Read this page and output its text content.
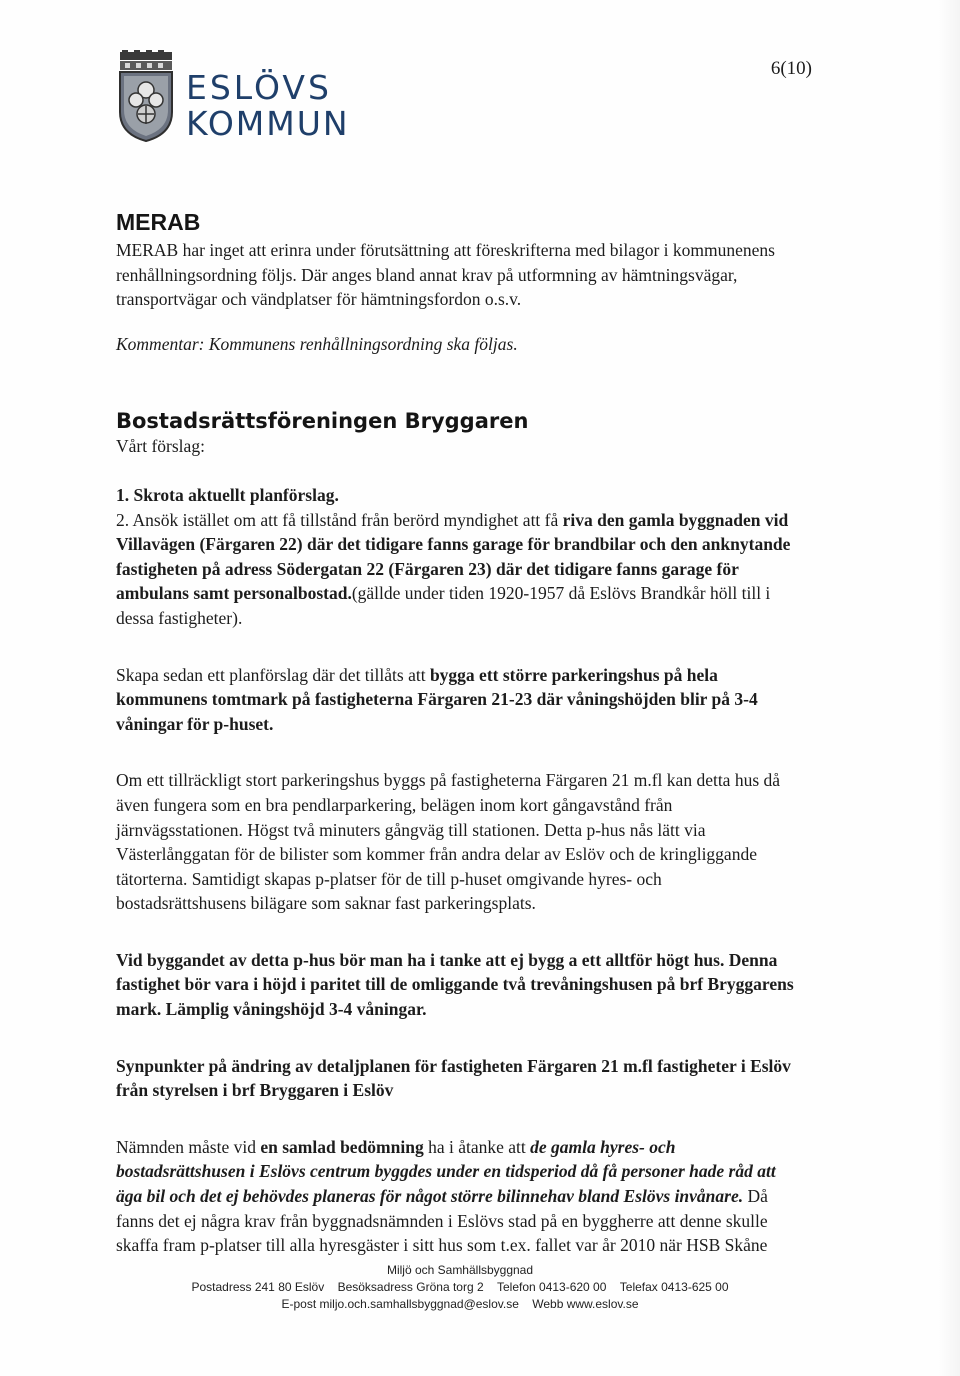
ESLÖVS
KOMMUN
6(10)
MERAB

MERAB har inget att erinra under förutsättning att föreskrifterna med bilagor i kommunenens renhållningsordning följs. Där anges bland annat krav på utformning av hämtningsvägar, transportvägar och vändplatser för hämtningsfordon o.s.v.

Kommentar: Kommunens renhållningsordning ska följas.

Bostadsrättsföreningen Bryggaren

Vårt förslag:

1. Skrota aktuellt planförslag.

2. Ansök istället om att få tillstånd från berörd myndighet att få riva den gamla byggnaden vid Villavägen (Färgaren 22) där det tidigare fanns garage för brandbilar och den anknytande fastigheten på adress Södergatan 22 (Färgaren 23) där det tidigare fanns garage för ambulans samt personalbostad.(gällde under tiden 1920-1957 då Eslövs Brandkår höll till i dessa fastigheter).

Skapa sedan ett planförslag där det tillåts att bygga ett större parkeringshus på hela kommunens tomtmark på fastigheterna Färgaren 21-23 där våningshöjden blir på 3-4 våningar för p-huset.

Om ett tillräckligt stort parkeringshus byggs på fastigheterna Färgaren 21 m.fl kan detta hus då även fungera som en bra pendlarparkering, belägen inom kort gångavstånd från järnvägsstationen. Högst två minuters gångväg till stationen. Detta p-hus nås lätt via Västerlånggatan för de bilister som kommer från andra delar av Eslöv och de kringliggande tätorterna. Samtidigt skapas p-platser för de till p-huset omgivande hyres- och bostadsrättshusens bilägare som saknar fast parkeringsplats.

Vid byggandet av detta p-hus bör man ha i tanke att ej bygg a ett alltför högt hus. Denna fastighet bör vara i höjd i paritet till de omliggande två trevåningshusen på brf Bryggarens mark. Lämplig våningshöjd 3-4 våningar.

Synpunkter på ändring av detaljplanen för fastigheten Färgaren 21 m.fl fastigheter i Eslöv från styrelsen i brf Bryggaren i Eslöv

Nämnden måste vid en samlad bedömning ha i åtanke att de gamla hyres- och bostadsrättshusen i Eslövs centrum byggdes under en tidsperiod då få personer hade råd att äga bil och det ej behövdes planeras för något större bilinnehav bland Eslövs invånare. Då fanns det ej några krav från byggnadsnämnden i Eslövs stad på en byggherre att denne skulle skaffa fram p-platser till alla hyresgäster i sitt hus som t.ex. fallet var år 2010 när HSB Skåne

Miljö och Samhällsbyggnad
Postadress 241 80 Eslöv Besöksadress Gröna torg 2 Telefon 0413-620 00 Telefax 0413-625 00
E-post miljo.och.samhallsbyggnad@eslov.se Webb www.eslov.se
